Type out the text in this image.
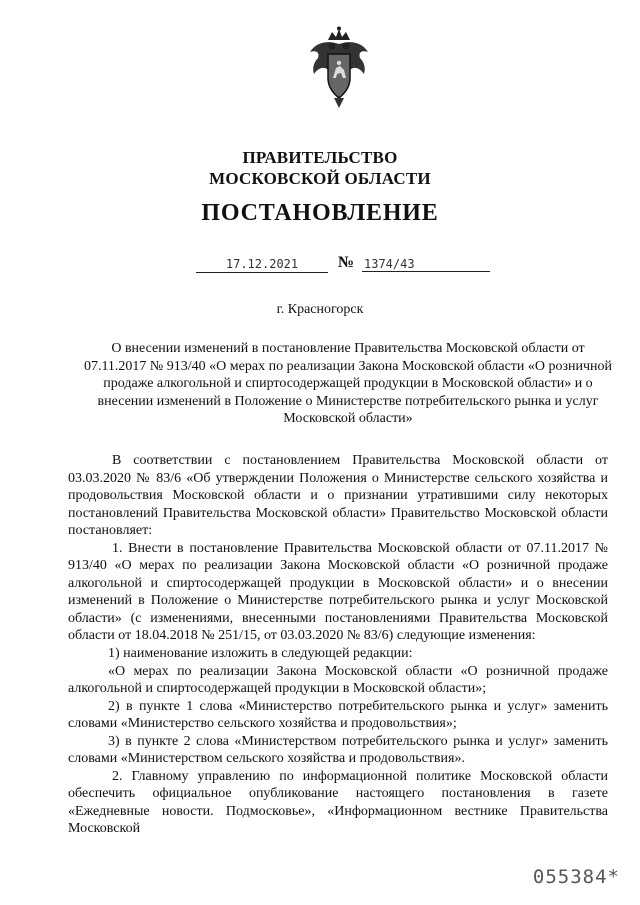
ПРАВИТЕЛЬСТВО
МОСКОВСКОЙ ОБЛАСТИ
ПОСТАНОВЛЕНИЕ
17.12.2021	№ 1374/43
г. Красногорск
О внесении изменений в постановление Правительства Московской области от 07.11.2017 № 913/40 «О мерах по реализации Закона Московской области «О розничной продаже алкогольной и спиртосодержащей продукции в Московской области» и о внесении изменений в Положение о Министерстве потребительского рынка и услуг Московской области»

В соответствии с постановлением Правительства Московской области от 03.03.2020 № 83/6 «Об утверждении Положения о Министерстве сельского хозяйства и продовольствия Московской области и о признании утратившими силу некоторых постановлений Правительства Московской области» Правительство Московской области постановляет:

1. Внести в постановление Правительства Московской области от 07.11.2017 № 913/40 «О мерах по реализации Закона Московской области «О розничной продаже алкогольной и спиртосодержащей продукции в Московской области» и о внесении изменений в Положение о Министерстве потребительского рынка и услуг Московской области» (с изменениями, внесенными постановлениями Правительства Московской области от 18.04.2018 № 251/15, от 03.03.2020 № 83/6) следующие изменения:

1) наименование изложить в следующей редакции:

«О мерах по реализации Закона Московской области «О розничной продаже алкогольной и спиртосодержащей продукции в Московской области»;

2) в пункте 1 слова «Министерство потребительского рынка и услуг» заменить словами «Министерство сельского хозяйства и продовольствия»;

3) в пункте 2 слова «Министерством потребительского рынка и услуг» заменить словами «Министерством сельского хозяйства и продовольствия».

2. Главному управлению по информационной политике Московской области обеспечить официальное опубликование настоящего постановления в газете «Ежедневные новости. Подмосковье», «Информационном вестнике Правительства Московской

055384*
